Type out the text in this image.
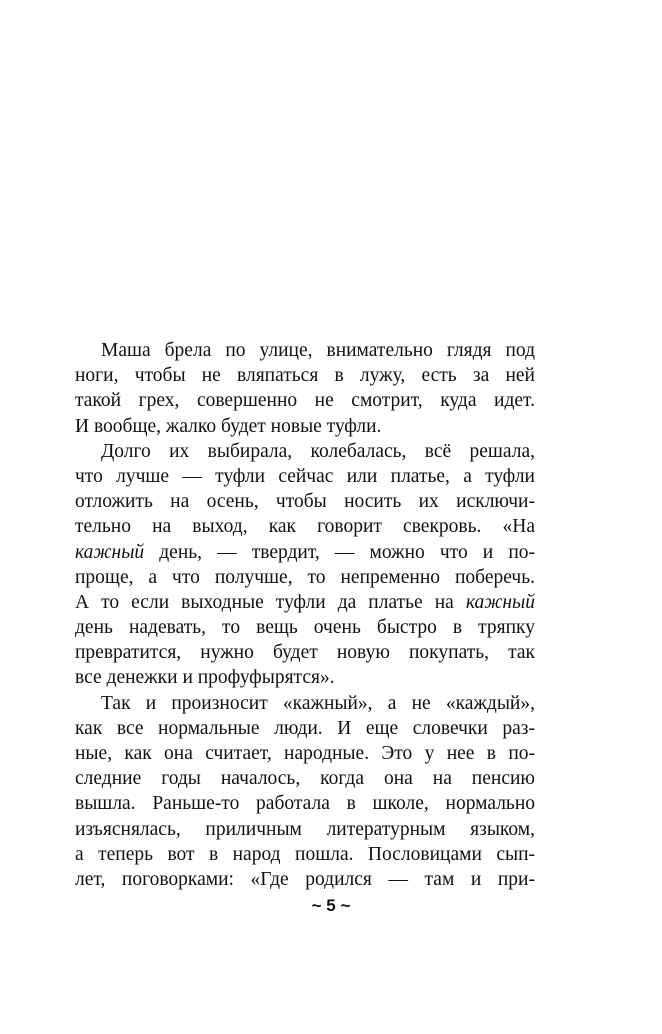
Маша брела по улице, внимательно глядя под
ноги, чтобы не вляпаться в лужу, есть за ней
такой грех, совершенно не смотрит, куда идет.
И вообще, жалко будет новые туфли.
Долго их выбирала, колебалась, всё решала,
что лучше — туфли сейчас или платье, а туфли
отложить на осень, чтобы носить их исключи-
тельно на выход, как говорит свекровь. «На
кажный день, — твердит, — можно что и по-
проще, а что получше, то непременно поберечь.
А то если выходные туфли да платье на кажный
день надевать, то вещь очень быстро в тряпку
превратится, нужно будет новую покупать, так
все денежки и профуфырятся».
Так и произносит «кажный», а не «каждый»,
как все нормальные люди. И еще словечки раз-
ные, как она считает, народные. Это у нее в по-
следние годы началось, когда она на пенсию
вышла. Раньше-то работала в школе, нормально
изъяснялась, приличным литературным языком,
а теперь вот в народ пошла. Пословицами сып-
лет, поговорками: «Где родился — там и при-
~ 5 ~
